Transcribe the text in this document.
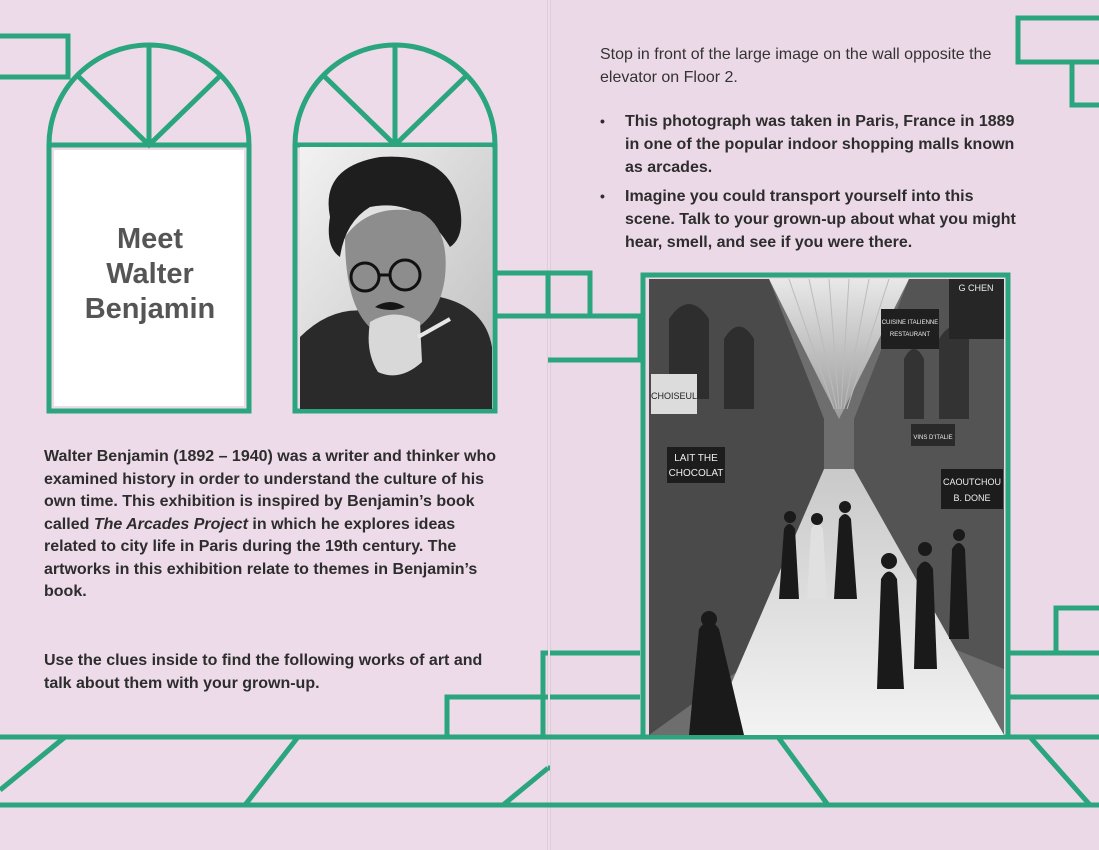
Meet
Walter
Benjamin
CHOISEUL
LAIT THE
CHOCOLAT
CUISINE ITALIENNE
RESTAURANT
G CHEN
VINS D’ITALIE
CAOUTCHOU
B. DONE

Walter Benjamin (1892 – 1940) was a writer and thinker who examined history in order to understand the culture of his own time. This exhibition is inspired by Benjamin’s book called The Arcades Project in which he explores ideas related to city life in Paris during the 19th century. The artworks in this exhibition relate to themes in Benjamin’s book.

Use the clues inside to find the following works of art and talk about them with your grown-up.

Stop in front of the large image on the wall opposite the elevator on Floor 2.

• This photograph was taken in Paris, France in 1889 in one of the popular indoor shopping malls known as arcades.
• Imagine you could transport yourself into this scene. Talk to your grown-up about what you might hear, smell, and see if you were there.
